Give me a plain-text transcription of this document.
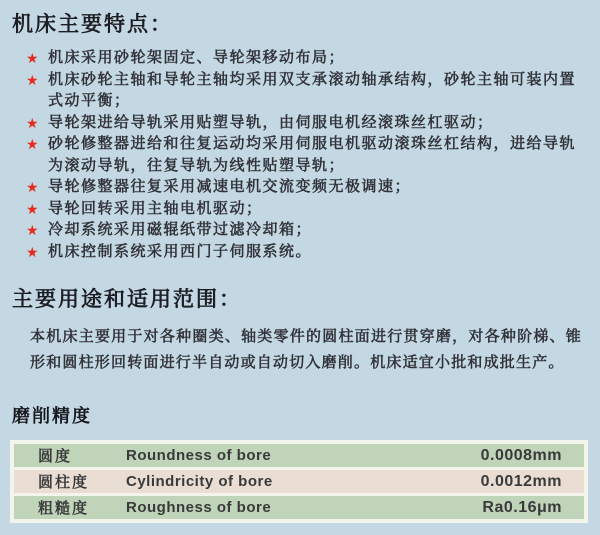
机床主要特点：
★ 机床采用砂轮架固定、导轮架移动布局；
★ 机床砂轮主轴和导轮主轴均采用双支承滚动轴承结构，砂轮主轴可装内置式动平衡；
★ 导轮架进给导轨采用贴塑导轨，由伺服电机经滚珠丝杠驱动；
★ 砂轮修整器进给和往复运动均采用伺服电机驱动滚珠丝杠结构，进给导轨为滚动导轨，往复导轨为线性贴塑导轨；
★ 导轮修整器往复采用减速电机交流变频无极调速；
★ 导轮回转采用主轴电机驱动；
★ 冷却系统采用磁辊纸带过滤冷却箱；
★ 机床控制系统采用西门子伺服系统。
主要用途和适用范围：

本机床主要用于对各种圈类、轴类零件的圆柱面进行贯穿磨，对各种阶梯、锥形和圆柱形回转面进行半自动或自动切入磨削。机床适宜小批和成批生产。

磨削精度
圆度	Roundness of bore	0.0008mm
圆柱度	Cylindricity of bore	0.0012mm
粗糙度	Roughness of bore	Ra0.16μm
